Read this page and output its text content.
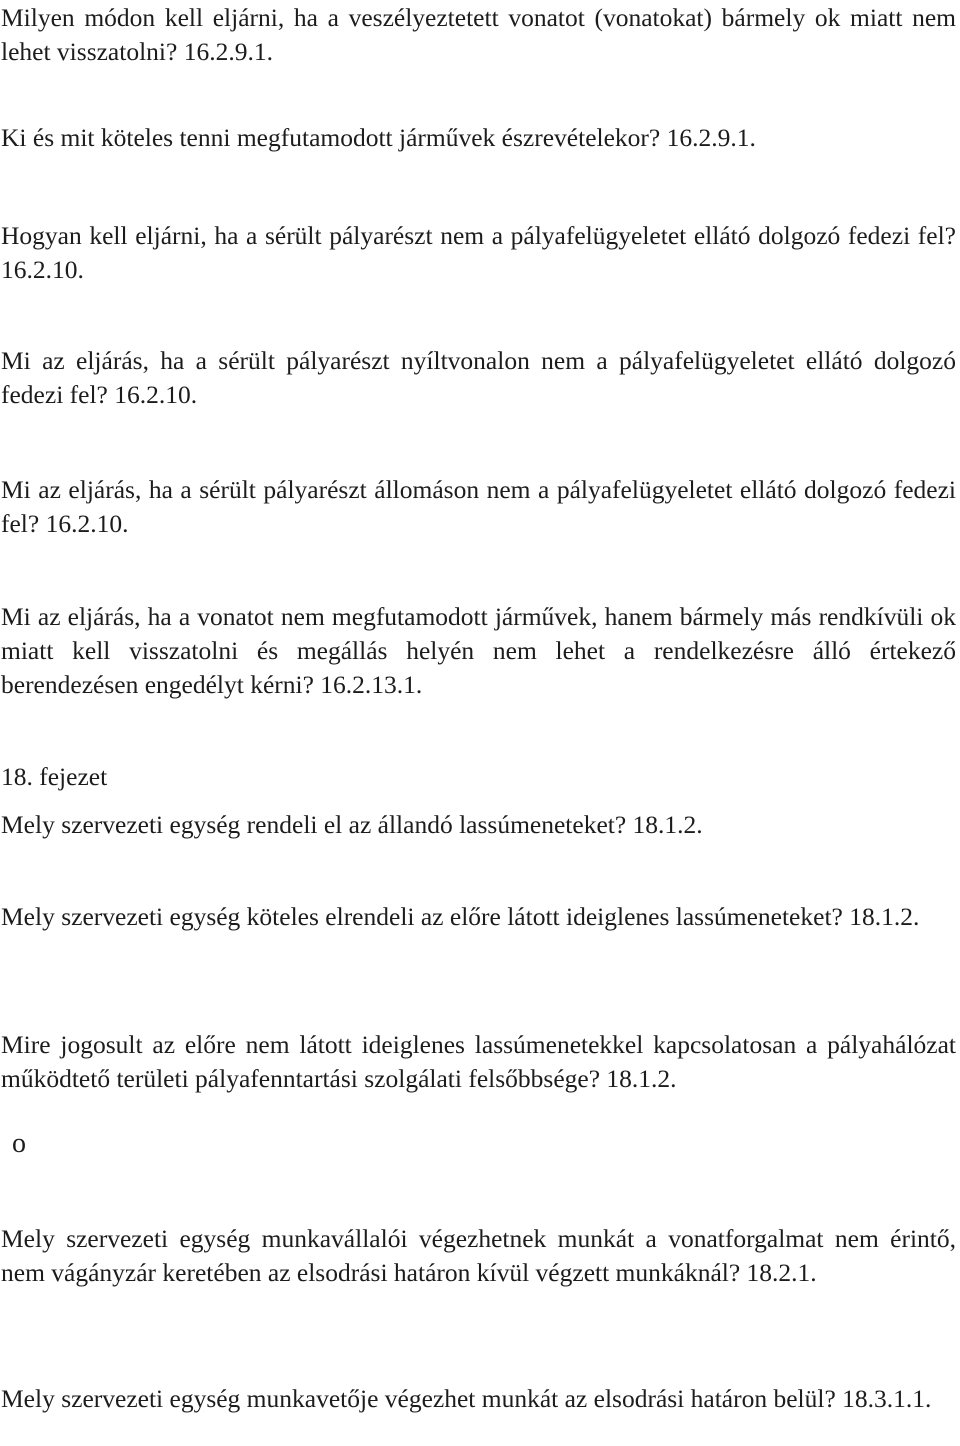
Milyen módon kell eljárni, ha a veszélyeztetett vonatot (vonatokat) bármely ok miatt nem lehet visszatolni? 16.2.9.1.

Ki és mit köteles tenni megfutamodott járművek észrevételekor? 16.2.9.1.

Hogyan kell eljárni, ha a sérült pályarészt nem a pályafelügyeletet ellátó dolgozó fedezi fel? 16.2.10.

Mi az eljárás, ha a sérült pályarészt nyíltvonalon nem a pályafelügyeletet ellátó dolgozó fedezi fel? 16.2.10.

Mi az eljárás, ha a sérült pályarészt állomáson nem a pályafelügyeletet ellátó dolgozó fedezi fel? 16.2.10.

Mi az eljárás, ha a vonatot nem megfutamodott járművek, hanem bármely más rendkívüli ok miatt kell visszatolni és megállás helyén nem lehet a rendelkezésre álló értekező berendezésen engedélyt kérni? 16.2.13.1.

18. fejezet

Mely szervezeti egység rendeli el az állandó lassúmeneteket? 18.1.2.

Mely szervezeti egység köteles elrendeli az előre látott ideiglenes lassúmeneteket? 18.1.2.

Mire jogosult az előre nem látott ideiglenes lassúmenetekkel kapcsolatosan a pályahálózat működtető területi pályafenntartási szolgálati felsőbbsége? 18.1.2.

o

Mely szervezeti egység munkavállalói végezhetnek munkát a vonatforgalmat nem érintő, nem vágányzár keretében az elsodrási határon kívül végzett munkáknál? 18.2.1.

Mely szervezeti egység munkavetője végezhet munkát az elsodrási határon belül? 18.3.1.1.
